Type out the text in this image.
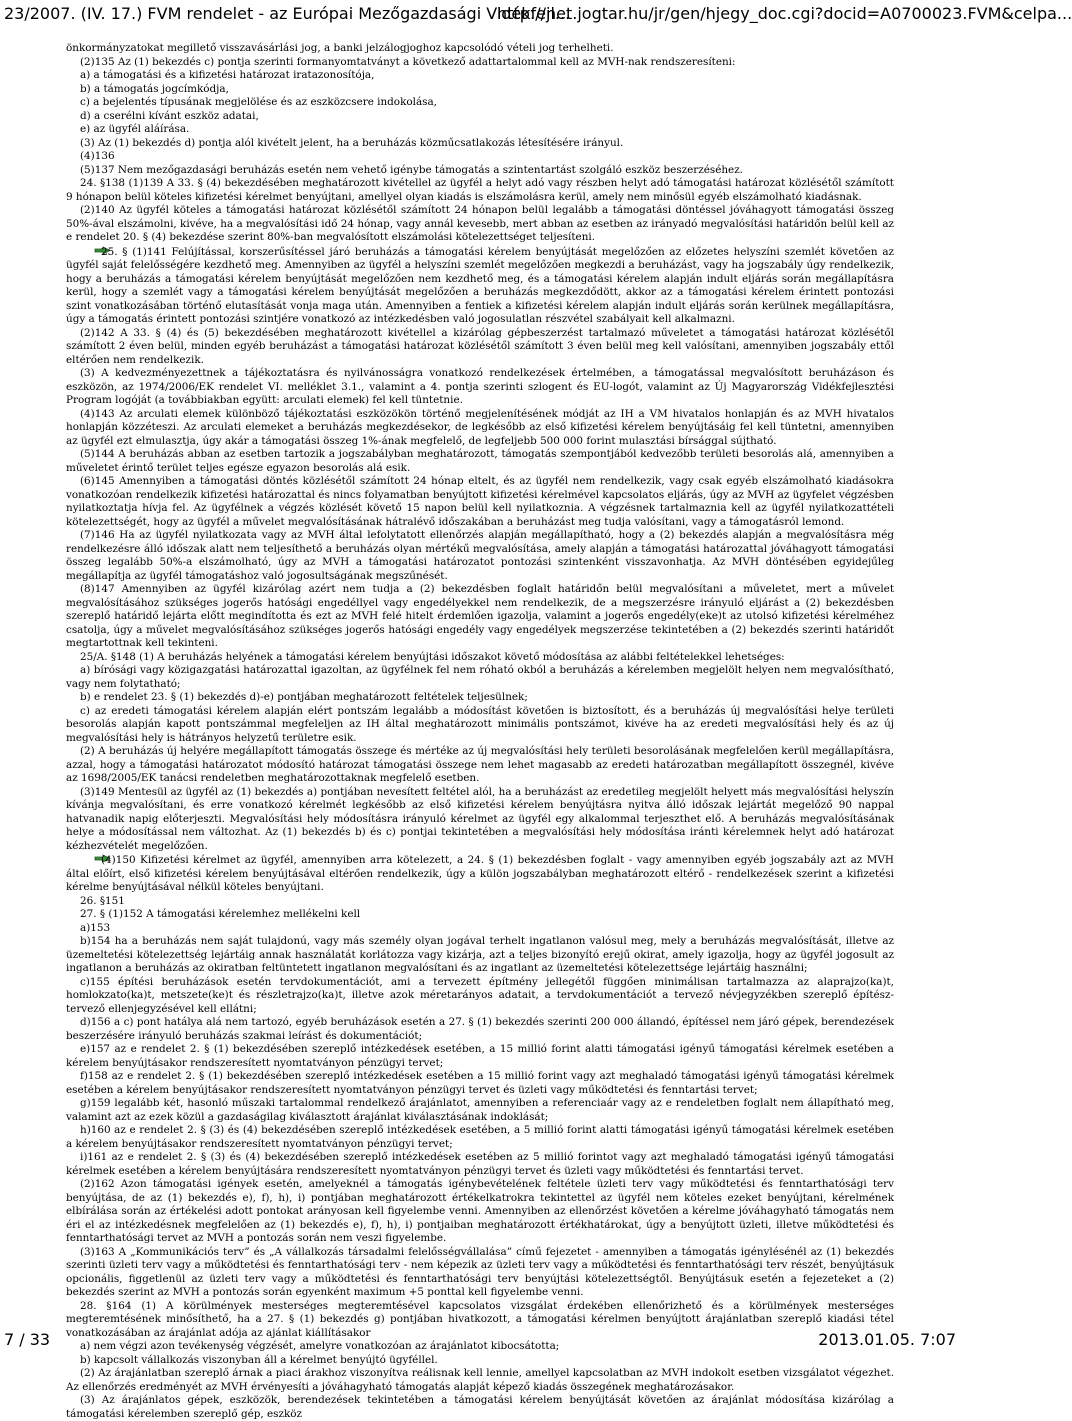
23/2007. (IV. 17.) FVM rendelet - az Európai Mezőgazdasági Vidékfejl...
http://net.jogtar.hu/jr/gen/hjegy_doc.cgi?docid=A0700023.FVM&celpa...

önkormányzatokat megillető visszavásárlási jog, a banki jelzálogjoghoz kapcsolódó vételi jog terhelheti.

(2)135 Az (1) bekezdés c) pontja szerinti formanyomtatványt a következő adattartalommal kell az MVH-nak rendszeresíteni:

a) a támogatási és a kifizetési határozat iratazonosítója,

b) a támogatás jogcímkódja,

c) a bejelentés típusának megjelölése és az eszközcsere indokolása,

d) a cserélni kívánt eszköz adatai,

e) az ügyfél aláírása.

(3) Az (1) bekezdés d) pontja alól kivételt jelent, ha a beruházás közműcsatlakozás létesítésére irányul.

(4)136

(5)137 Nem mezőgazdasági beruházás esetén nem vehető igénybe támogatás a szintentartást szolgáló eszköz beszerzéséhez.

24. §138 (1)139 A 33. § (4) bekezdésében meghatározott kivétellel az ügyfél a helyt adó vagy részben helyt adó támogatási határozat közlésétől számított 9 hónapon belül köteles kifizetési kérelmet benyújtani, amellyel olyan kiadás is elszámolásra kerül, amely nem minősül egyéb elszámolható kiadásnak.

(2)140 Az ügyfél köteles a támogatási határozat közlésétől számított 24 hónapon belül legalább a támogatási döntéssel jóváhagyott támogatási összeg 50%-ával elszámolni, kivéve, ha a megvalósítási idő 24 hónap, vagy annál kevesebb, mert abban az esetben az irányadó megvalósítási határidőn belül kell az e rendelet 20. § (4) bekezdése szerint 80%-ban megvalósított elszámolási kötelezettséget teljesíteni.

25. § (1)141 Felújítással, korszerűsítéssel járó beruházás a támogatási kérelem benyújtását megelőzően az előzetes helyszíni szemlét követően az ügyfél saját felelősségére kezdhető meg. Amennyiben az ügyfél a helyszíni szemlét megelőzően megkezdi a beruházást, vagy ha jogszabály úgy rendelkezik, hogy a beruházás a támogatási kérelem benyújtását megelőzően nem kezdhető meg, és a támogatási kérelem alapján indult eljárás során megállapításra kerül, hogy a szemlét vagy a támogatási kérelem benyújtását megelőzően a beruházás megkezdődött, akkor az a támogatási kérelem érintett pontozási szint vonatkozásában történő elutasítását vonja maga után. Amennyiben a fentiek a kifizetési kérelem alapján indult eljárás során kerülnek megállapításra, úgy a támogatás érintett pontozási szintjére vonatkozó az intézkedésben való jogosulatlan részvétel szabályait kell alkalmazni.

(2)142 A 33. § (4) és (5) bekezdésében meghatározott kivétellel a kizárólag gépbeszerzést tartalmazó műveletet a támogatási határozat közlésétől számított 2 éven belül, minden egyéb beruházást a támogatási határozat közlésétől számított 3 éven belül meg kell valósítani, amennyiben jogszabály ettől eltérően nem rendelkezik.

(3) A kedvezményezettnek a tájékoztatásra és nyilvánosságra vonatkozó rendelkezések értelmében, a támogatással megvalósított beruházáson és eszközön, az 1974/2006/EK rendelet VI. melléklet 3.1., valamint a 4. pontja szerinti szlogent és EU-logót, valamint az Új Magyarország Vidékfejlesztési Program logóját (a továbbiakban együtt: arculati elemek) fel kell tüntetnie.

(4)143 Az arculati elemek különböző tájékoztatási eszközökön történő megjelenítésének módját az IH a VM hivatalos honlapján és az MVH hivatalos honlapján közzéteszi. Az arculati elemeket a beruházás megkezdésekor, de legkésőbb az első kifizetési kérelem benyújtásáig fel kell tüntetni, amennyiben az ügyfél ezt elmulasztja, úgy akár a támogatási összeg 1%-ának megfelelő, de legfeljebb 500 000 forint mulasztási bírsággal sújtható.

(5)144 A beruházás abban az esetben tartozik a jogszabályban meghatározott, támogatás szempontjából kedvezőbb területi besorolás alá, amennyiben a műveletet érintő terület teljes egésze egyazon besorolás alá esik.

(6)145 Amennyiben a támogatási döntés közlésétől számított 24 hónap eltelt, és az ügyfél nem rendelkezik, vagy csak egyéb elszámolható kiadásokra vonatkozóan rendelkezik kifizetési határozattal és nincs folyamatban benyújtott kifizetési kérelmével kapcsolatos eljárás, úgy az MVH az ügyfelet végzésben nyilatkoztatja hívja fel. Az ügyfélnek a végzés közlését követő 15 napon belül kell nyilatkoznia. A végzésnek tartalmaznia kell az ügyfél nyilatkozattételi kötelezettségét, hogy az ügyfél a művelet megvalósításának hátralévő időszakában a beruházást meg tudja valósítani, vagy a támogatásról lemond.

(7)146 Ha az ügyfél nyilatkozata vagy az MVH által lefolytatott ellenőrzés alapján megállapítható, hogy a (2) bekezdés alapján a megvalósításra még rendelkezésre álló időszak alatt nem teljesíthető a beruházás olyan mértékű megvalósítása, amely alapján a támogatási határozattal jóváhagyott támogatási összeg legalább 50%-a elszámolható, úgy az MVH a támogatási határozatot pontozási szintenként visszavonhatja. Az MVH döntésében egyidejűleg megállapítja az ügyfél támogatáshoz való jogosultságának megszűnését.

(8)147 Amennyiben az ügyfél kizárólag azért nem tudja a (2) bekezdésben foglalt határidőn belül megvalósítani a műveletet, mert a művelet megvalósításához szükséges jogerős hatósági engedéllyel vagy engedélyekkel nem rendelkezik, de a megszerzésre irányuló eljárást a (2) bekezdésben szereplő határidő lejárta előtt megindította és ezt az MVH felé hitelt érdemlően igazolja, valamint a jogerős engedély(eke)t az utolsó kifizetési kérelméhez csatolja, úgy a művelet megvalósításához szükséges jogerős hatósági engedély vagy engedélyek megszerzése tekintetében a (2) bekezdés szerinti határidőt megtartottnak kell tekinteni.

25/A. §148 (1) A beruházás helyének a támogatási kérelem benyújtási időszakot követő módosítása az alábbi feltételekkel lehetséges:

a) bírósági vagy közigazgatási határozattal igazoltan, az ügyfélnek fel nem róható okból a beruházás a kérelemben megjelölt helyen nem megvalósítható, vagy nem folytatható;

b) e rendelet 23. § (1) bekezdés d)-e) pontjában meghatározott feltételek teljesülnek;

c) az eredeti támogatási kérelem alapján elért pontszám legalább a módosítást követően is biztosított, és a beruházás új megvalósítási helye területi besorolás alapján kapott pontszámmal megfeleljen az IH által meghatározott minimális pontszámot, kivéve ha az eredeti megvalósítási hely és az új megvalósítási hely is hátrányos helyzetű területre esik.

(2) A beruházás új helyére megállapított támogatás összege és mértéke az új megvalósítási hely területi besorolásának megfelelően kerül megállapításra, azzal, hogy a támogatási határozatot módosító határozat támogatási összege nem lehet magasabb az eredeti határozatban megállapított összegnél, kivéve az 1698/2005/EK tanácsi rendeletben meghatározottaknak megfelelő esetben.

(3)149 Mentesül az ügyfél az (1) bekezdés a) pontjában nevesített feltétel alól, ha a beruházást az eredetileg megjelölt helyett más megvalósítási helyszín kívánja megvalósítani, és erre vonatkozó kérelmét legkésőbb az első kifizetési kérelem benyújtásra nyitva álló időszak lejártát megelőző 90 nappal hatvanadik napig előterjeszti. Megvalósítási hely módosításra irányuló kérelmet az ügyfél egy alkalommal terjeszthet elő. A beruházás megvalósításának helye a módosítással nem változhat. Az (1) bekezdés b) és c) pontjai tekintetében a megvalósítási hely módosítása iránti kérelemnek helyt adó határozat kézhezvételét megelőzően.

(4)150 Kifizetési kérelmet az ügyfél, amennyiben arra kötelezett, a 24. § (1) bekezdésben foglalt - vagy amennyiben egyéb jogszabály azt az MVH által előírt, első kifizetési kérelem benyújtásával eltérően rendelkezik, úgy a külön jogszabályban meghatározott eltérő - rendelkezések szerint a kifizetési kérelme benyújtásával nélkül köteles benyújtani.

26. §151

27. § (1)152 A támogatási kérelemhez mellékelni kell

a)153

b)154 ha a beruházás nem saját tulajdonú, vagy más személy olyan jogával terhelt ingatlanon valósul meg, mely a beruházás megvalósítását, illetve az üzemeltetési kötelezettség lejártáig annak használatát korlátozza vagy kizárja, azt a teljes bizonyító erejű okirat, amely igazolja, hogy az ügyfél jogosult az ingatlanon a beruházás az okiratban feltüntetett ingatlanon megvalósítani és az ingatlant az üzemeltetési kötelezettsége lejártáig használni;

c)155 építési beruházások esetén tervdokumentációt, ami a tervezett építmény jellegétől függően minimálisan tartalmazza az alaprajzo(ka)t, homlokzato(ka)t, metszete(ke)t és részletrajzo(ka)t, illetve azok méretarányos adatait, a tervdokumentációt a tervező névjegyzékben szereplő építész-tervező ellenjegyzésével kell ellátni;

d)156 a c) pont hatálya alá nem tartozó, egyéb beruházások esetén a 27. § (1) bekezdés szerinti 200 000 állandó, építéssel nem járó gépek, berendezések beszerzésére irányuló beruházás szakmai leírást és dokumentációt;

e)157 az e rendelet 2. § (1) bekezdésében szereplő intézkedések esetében, a 15 millió forint alatti támogatási igényű támogatási kérelmek esetében a kérelem benyújtásakor rendszeresített nyomtatványon pénzügyi tervet;

f)158 az e rendelet 2. § (1) bekezdésében szereplő intézkedések esetében a 15 millió forint vagy azt meghaladó támogatási igényű támogatási kérelmek esetében a kérelem benyújtásakor rendszeresített nyomtatványon pénzügyi tervet és üzleti vagy működtetési és fenntartási tervet;

g)159 legalább két, hasonló műszaki tartalommal rendelkező árajánlatot, amennyiben a referenciaár vagy az e rendeletben foglalt nem állapítható meg, valamint azt az ezek közül a gazdaságilag kiválasztott árajánlat kiválasztásának indoklását;

h)160 az e rendelet 2. § (3) és (4) bekezdésében szereplő intézkedések esetében, a 5 millió forint alatti támogatási igényű támogatási kérelmek esetében a kérelem benyújtásakor rendszeresített nyomtatványon pénzügyi tervet;

i)161 az e rendelet 2. § (3) és (4) bekezdésében szereplő intézkedések esetében az 5 millió forintot vagy azt meghaladó támogatási igényű támogatási kérelmek esetében a kérelem benyújtására rendszeresített nyomtatványon pénzügyi tervet és üzleti vagy működtetési és fenntartási tervet.

(2)162 Azon támogatási igények esetén, amelyeknél a támogatás igénybevételének feltétele üzleti terv vagy működtetési és fenntarthatósági terv benyújtása, de az (1) bekezdés e), f), h), i) pontjában meghatározott értékelkatrokra tekintettel az ügyfél nem köteles ezeket benyújtani, kérelmének elbírálása során az értékelési adott pontokat arányosan kell figyelembe venni. Amennyiben az ellenőrzést követően a kérelme jóváhagyható támogatás nem éri el az intézkedésnek megfelelően az (1) bekezdés e), f), h), i) pontjaiban meghatározott értékhatárokat, úgy a benyújtott üzleti, illetve működtetési és fenntarthatósági tervet az MVH a pontozás során nem veszi figyelembe.

(3)163 A „Kommunikációs terv” és „A vállalkozás társadalmi felelősségvállalása” című fejezetet - amennyiben a támogatás igénylésénél az (1) bekezdés szerinti üzleti terv vagy a működtetési és fenntarthatósági terv - nem képezik az üzleti terv vagy a működtetési és fenntarthatósági terv részét, benyújtásuk opcionális, figgetlenül az üzleti terv vagy a működtetési és fenntarthatósági terv benyújtási kötelezettségtől. Benyújtásuk esetén a fejezeteket a (2) bekezdés szerint az MVH a pontozás során egyenként maximum +5 ponttal kell figyelembe venni.

28. §164 (1) A körülmények mesterséges megteremtésével kapcsolatos vizsgálat érdekében ellenőrizhető és a körülmények mesterséges megteremtésének minősíthető, ha a 27. § (1) bekezdés g) pontjában hivatkozott, a támogatási kérelmen benyújtott árajánlatban szereplő kiadási tétel vonatkozásában az árajánlat adója az ajánlat kiállításakor

a) nem végzi azon tevékenység végzését, amelyre vonatkozóan az árajánlatot kibocsátotta;

b) kapcsolt vállalkozás viszonyban áll a kérelmet benyújtó ügyféllel.

(2) Az árajánlatban szereplő árnak a piaci árakhoz viszonyítva reálisnak kell lennie, amellyel kapcsolatban az MVH indokolt esetben vizsgálatot végezhet. Az ellenőrzés eredményét az MVH érvényesíti a jóváhagyható támogatás alapját képező kiadás összegének meghatározásakor.

(3) Az árajánlatos gépek, eszközök, berendezések tekintetében a támogatási kérelem benyújtását követően az árajánlat módosítása kizárólag a támogatási kérelemben szereplő gép, eszköz

7 / 33	2013.01.05. 7:07
